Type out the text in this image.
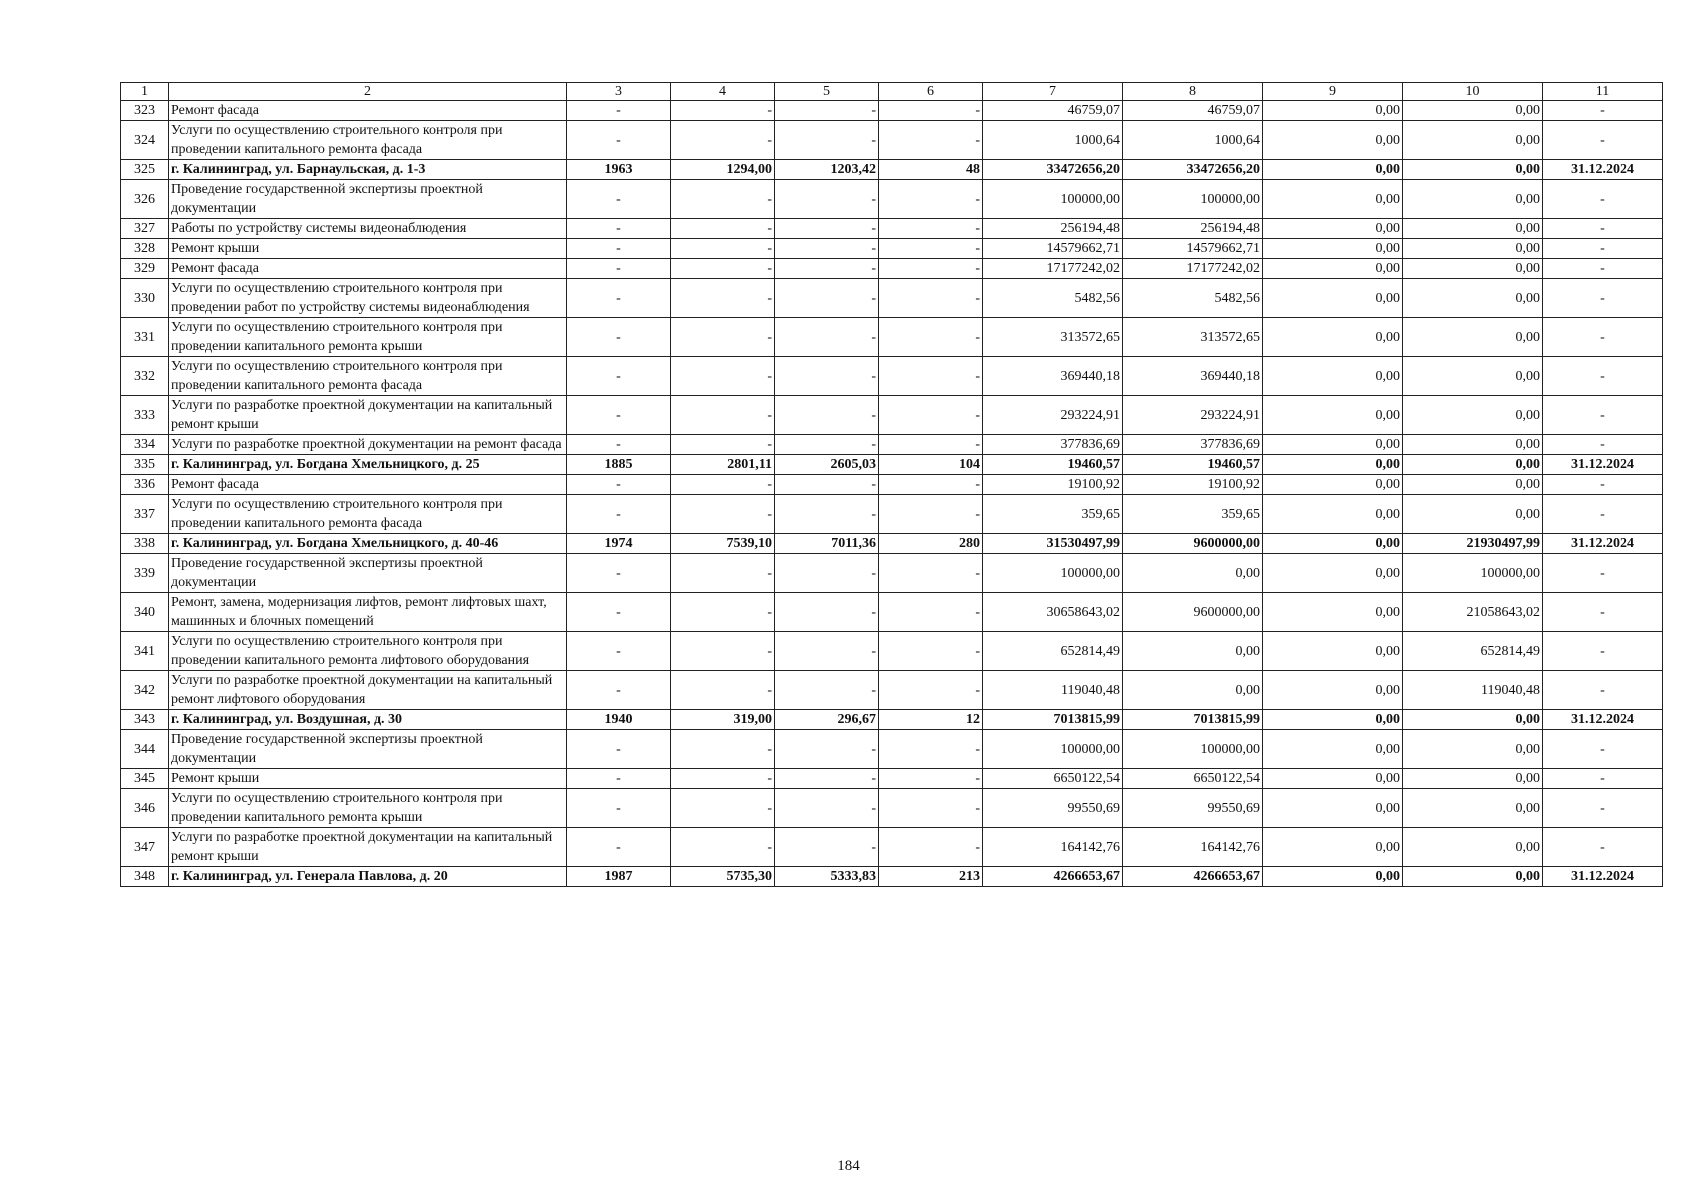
1	2	3	4	5	6	7	8	9	10	11
323	Ремонт фасада	-	-	-	-	46759,07	46759,07	0,00	0,00	-
324	Услуги по осуществлению строительного контроля при проведении капитального ремонта фасада	-	-	-	-	1000,64	1000,64	0,00	0,00	-
325	г. Калининград, ул. Барнаульская, д. 1-3	1963	1294,00	1203,42	48	33472656,20	33472656,20	0,00	0,00	31.12.2024
326	Проведение государственной экспертизы проектной документации	-	-	-	-	100000,00	100000,00	0,00	0,00	-
327	Работы по устройству системы видеонаблюдения	-	-	-	-	256194,48	256194,48	0,00	0,00	-
328	Ремонт крыши	-	-	-	-	14579662,71	14579662,71	0,00	0,00	-
329	Ремонт фасада	-	-	-	-	17177242,02	17177242,02	0,00	0,00	-
330	Услуги по осуществлению строительного контроля при проведении работ по устройству системы видеонаблюдения	-	-	-	-	5482,56	5482,56	0,00	0,00	-
331	Услуги по осуществлению строительного контроля при проведении капитального ремонта крыши	-	-	-	-	313572,65	313572,65	0,00	0,00	-
332	Услуги по осуществлению строительного контроля при проведении капитального ремонта фасада	-	-	-	-	369440,18	369440,18	0,00	0,00	-
333	Услуги по разработке проектной документации на капитальный ремонт крыши	-	-	-	-	293224,91	293224,91	0,00	0,00	-
334	Услуги по разработке проектной документации на ремонт фасада	-	-	-	-	377836,69	377836,69	0,00	0,00	-
335	г. Калининград, ул. Богдана Хмельницкого, д. 25	1885	2801,11	2605,03	104	19460,57	19460,57	0,00	0,00	31.12.2024
336	Ремонт фасада	-	-	-	-	19100,92	19100,92	0,00	0,00	-
337	Услуги по осуществлению строительного контроля при проведении капитального ремонта фасада	-	-	-	-	359,65	359,65	0,00	0,00	-
338	г. Калининград, ул. Богдана Хмельницкого, д. 40-46	1974	7539,10	7011,36	280	31530497,99	9600000,00	0,00	21930497,99	31.12.2024
339	Проведение государственной экспертизы проектной документации	-	-	-	-	100000,00	0,00	0,00	100000,00	-
340	Ремонт, замена, модернизация лифтов, ремонт лифтовых шахт, машинных и блочных помещений	-	-	-	-	30658643,02	9600000,00	0,00	21058643,02	-
341	Услуги по осуществлению строительного контроля при проведении капитального ремонта лифтового оборудования	-	-	-	-	652814,49	0,00	0,00	652814,49	-
342	Услуги по разработке проектной документации на капитальный ремонт лифтового оборудования	-	-	-	-	119040,48	0,00	0,00	119040,48	-
343	г. Калининград, ул. Воздушная, д. 30	1940	319,00	296,67	12	7013815,99	7013815,99	0,00	0,00	31.12.2024
344	Проведение государственной экспертизы проектной документации	-	-	-	-	100000,00	100000,00	0,00	0,00	-
345	Ремонт крыши	-	-	-	-	6650122,54	6650122,54	0,00	0,00	-
346	Услуги по осуществлению строительного контроля при проведении капитального ремонта крыши	-	-	-	-	99550,69	99550,69	0,00	0,00	-
347	Услуги по разработке проектной документации на капитальный ремонт крыши	-	-	-	-	164142,76	164142,76	0,00	0,00	-
348	г. Калининград, ул. Генерала Павлова, д. 20	1987	5735,30	5333,83	213	4266653,67	4266653,67	0,00	0,00	31.12.2024
184
